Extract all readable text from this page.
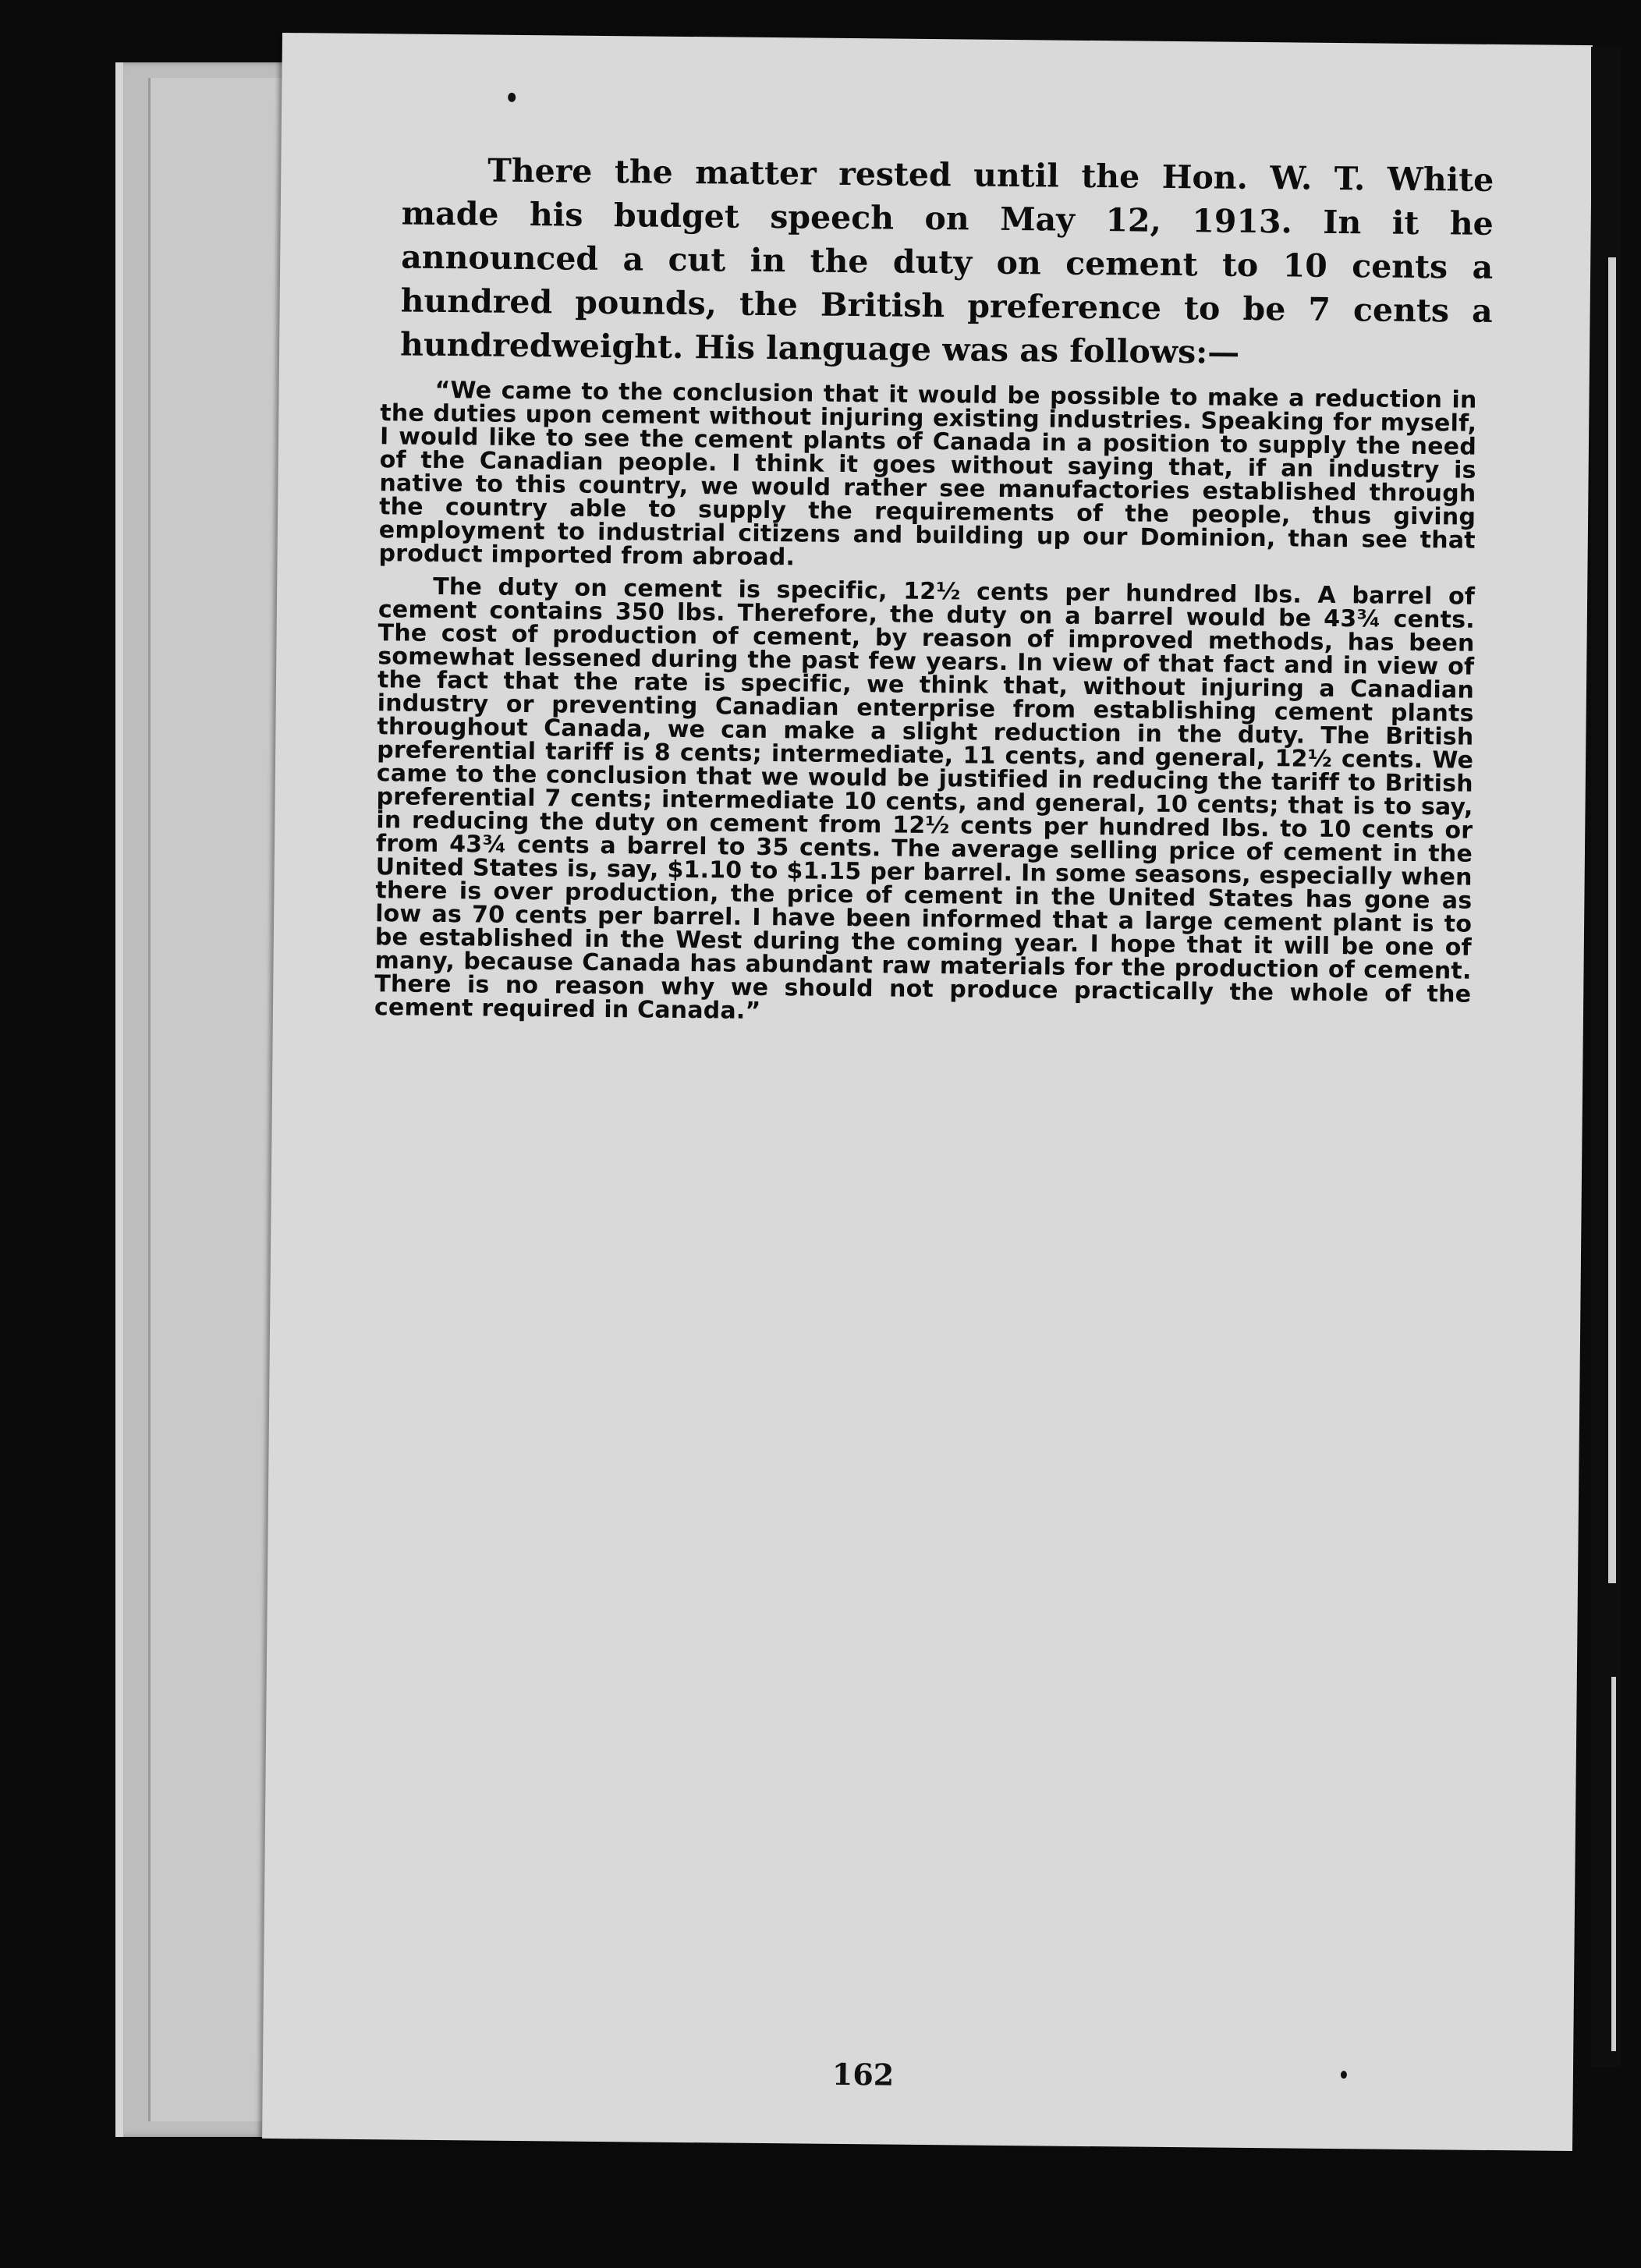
There the matter rested until the Hon. W. T. White made his budget speech on May 12, 1913. In it he announced a cut in the duty on cement to 10 cents a hundred pounds, the British preference to be 7 cents a hundredweight. His language was as follows:—

“We came to the conclusion that it would be possible to make a reduction in the duties upon cement without injuring existing industries. Speaking for myself, I would like to see the cement plants of Canada in a position to supply the need of the Canadian people. I think it goes without saying that, if an industry is native to this country, we would rather see manufactories established through the country able to supply the requirements of the people, thus giving employment to industrial citizens and building up our Dominion, than see that product imported from abroad.

The duty on cement is specific, 12½ cents per hundred lbs. A barrel of cement contains 350 lbs. Therefore, the duty on a barrel would be 43¾ cents. The cost of production of cement, by reason of improved methods, has been somewhat lessened during the past few years. In view of that fact and in view of the fact that the rate is specific, we think that, without injuring a Canadian industry or preventing Canadian enterprise from establishing cement plants throughout Canada, we can make a slight reduction in the duty. The British preferential tariff is 8 cents; intermediate, 11 cents, and general, 12½ cents. We came to the conclusion that we would be justified in reducing the tariff to British preferential 7 cents; intermediate 10 cents, and general, 10 cents; that is to say, in reducing the duty on cement from 12½ cents per hundred lbs. to 10 cents or from 43¾ cents a barrel to 35 cents. The average selling price of cement in the United States is, say, $1.10 to $1.15 per barrel. In some seasons, especially when there is over production, the price of cement in the United States has gone as low as 70 cents per barrel. I have been informed that a large cement plant is to be established in the West during the coming year. I hope that it will be one of many, because Canada has abundant raw materials for the production of cement. There is no reason why we should not produce practically the whole of the cement required in Canada.”

162
